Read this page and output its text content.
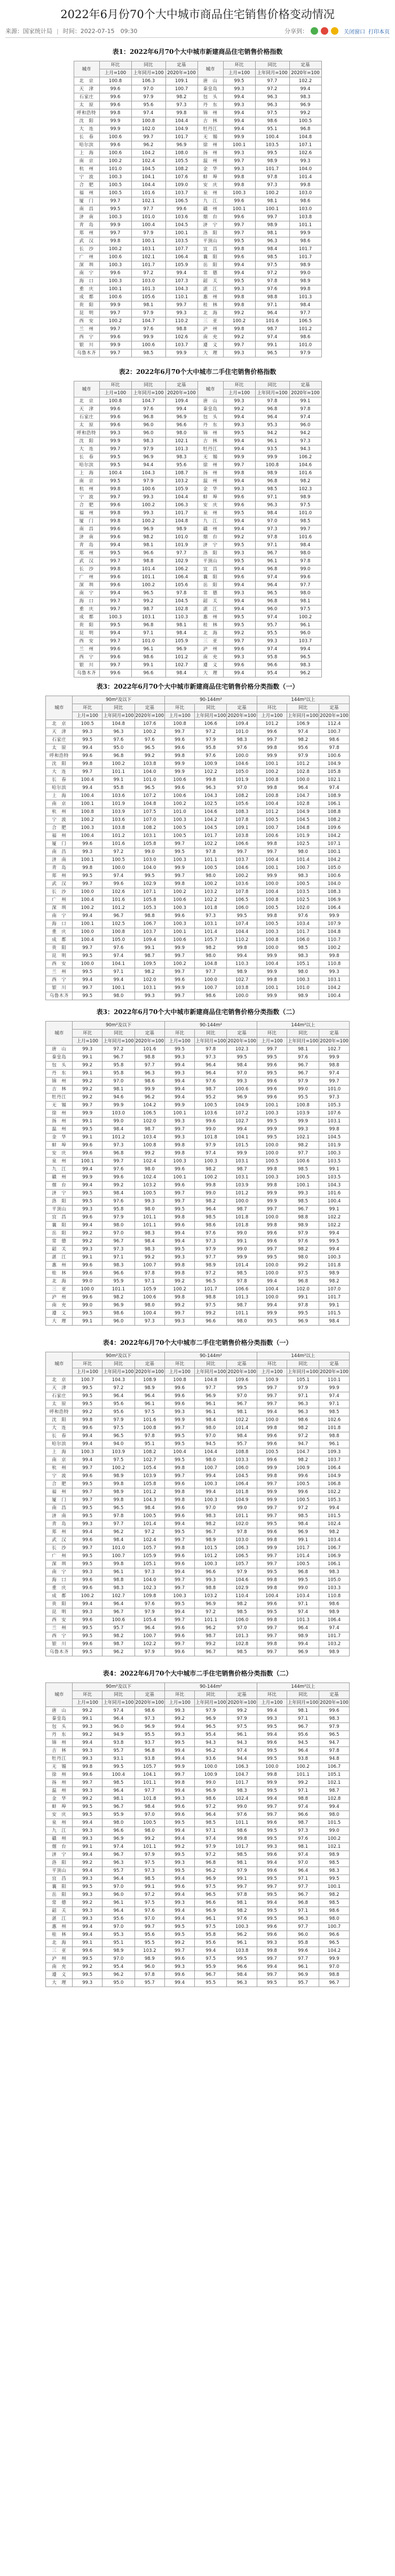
2022年6月份70个大中城市商品住宅销售价格变动情况
来源：国家统计局 | 时间：2022-07-15　09:30	分享到：	关闭窗口 打印本页
表1：2022年6月70个大中城市新建商品住宅销售价格指数
城市	环比	同比	定基	城市	环比	同比	定基
	上月=100	上年同月=100	2020年=100		上月=100	上年同月=100	2020年=100
北　京	100.8	106.3	109.1	唐　山	99.5	97.7	102.2
天　津	99.6	97.0	100.7	秦皇岛	99.3	97.2	99.4
石家庄	99.6	97.9	98.2	包　头	99.4	96.3	98.3
太　原	99.6	95.6	97.3	丹　东	99.3	96.3	96.9
呼和浩特	99.8	97.4	99.8	锦　州	99.4	97.5	99.2
沈　阳	99.9	100.8	104.4	吉　林	99.4	98.6	100.5
大　连	99.9	102.0	104.9	牡丹江	99.4	95.1	96.8
长　春	100.6	99.7	101.7	无　锡	99.9	100.4	104.8
哈尔滨	99.6	96.2	96.9	徐　州	100.1	103.5	107.1
上　海	100.6	104.2	108.0	扬　州	99.3	99.5	102.6
南　京	100.2	102.4	105.5	温　州	99.7	98.9	99.3
杭　州	101.0	104.5	108.2	金　华	99.3	101.7	104.0
宁　波	100.3	104.1	107.6	蚌　埠	99.8	97.8	101.4
合　肥	100.5	104.4	109.0	安　庆	99.8	97.3	99.8
福　州	100.5	101.6	103.7	泉　州	100.3	100.2	103.0
厦　门	99.7	102.1	106.5	九　江	99.6	98.1	98.6
南　昌	99.5	97.7	99.6	赣　州	100.1	100.1	103.0
济　南	100.3	101.0	103.6	烟　台	99.6	99.7	103.8
青　岛	99.9	100.4	104.5	济　宁	99.7	98.9	101.1
郑　州	99.7	97.9	100.1	洛　阳	99.7	98.1	99.9
武　汉	99.8	100.1	103.5	平顶山	99.5	96.3	98.6
长　沙	100.2	103.1	107.7	宜　昌	99.8	98.4	101.7
广　州	100.6	102.1	106.4	襄　阳	99.6	98.5	101.7
深　圳	100.3	101.7	105.9	岳　阳	99.4	97.5	98.9
南　宁	99.6	97.2	99.4	常　德	99.4	97.2	99.0
海　口	100.3	103.0	107.3	韶　关	99.5	97.8	98.9
重　庆	100.1	101.3	104.3	湛　江	99.3	97.6	99.8
成　都	100.6	105.6	110.1	惠　州	99.8	98.8	101.3
贵　阳	99.9	98.1	99.7	桂　林	99.8	97.1	98.4
昆　明	99.7	97.9	99.3	北　海	99.2	96.4	97.7
西　安	100.2	104.7	110.2	三　亚	100.2	101.6	106.5
兰　州	99.7	97.6	98.8	泸　州	99.8	98.7	101.2
西　宁	99.6	99.9	102.6	南　充	99.2	97.4	98.6
银　川	99.9	100.6	103.7	遵　义	99.7	99.1	101.0
乌鲁木齐	99.7	98.5	99.9	大　理	99.3	96.5	97.9
表2：2022年6月70个大中城市二手住宅销售价格指数
城市	环比	同比	定基	城市	环比	同比	定基
	上月=100	上年同月=100	2020年=100		上月=100	上年同月=100	2020年=100
北　京	100.8	104.7	109.4	唐　山	99.3	97.8	99.1
天　津	99.6	97.6	99.4	秦皇岛	99.2	96.8	97.8
石家庄	99.6	96.8	96.9	包　头	99.4	96.4	97.4
太　原	99.6	96.0	96.6	丹　东	99.3	95.3	96.0
呼和浩特	99.3	96.0	98.0	锦　州	99.5	94.2	94.2
沈　阳	99.9	98.3	102.1	吉　林	99.4	96.1	97.3
大　连	99.7	97.9	101.3	牡丹江	99.4	93.5	94.3
长　春	99.5	96.9	98.3	无　锡	99.9	99.9	106.2
哈尔滨	99.5	94.4	95.6	徐　州	99.7	100.8	104.6
上　海	100.4	104.3	108.7	扬　州	99.8	98.9	101.6
南　京	99.5	97.9	103.2	温　州	99.4	96.8	98.2
杭　州	99.8	100.6	105.9	金　华	99.3	98.5	102.3
宁　波	99.7	99.3	104.4	蚌　埠	99.6	97.1	98.9
合　肥	99.6	100.2	106.3	安　庆	99.6	96.3	97.5
福　州	99.8	99.3	101.7	泉　州	99.5	98.4	101.0
厦　门	99.8	100.2	104.8	九　江	99.4	97.0	98.5
南　昌	99.6	96.9	98.9	赣　州	99.4	97.3	99.7
济　南	99.6	98.2	101.0	烟　台	99.2	97.8	101.6
青　岛	99.4	98.1	101.9	济　宁	99.5	97.1	98.4
郑　州	99.5	96.6	97.7	洛　阳	99.3	96.7	98.0
武　汉	99.7	98.8	102.9	平顶山	99.5	96.1	97.8
长　沙	99.8	101.4	106.2	宜　昌	99.4	96.8	99.0
广　州	99.6	101.1	106.4	襄　阳	99.6	97.4	99.6
深　圳	99.6	100.2	105.6	岳　阳	99.4	96.4	97.7
南　宁	99.4	96.5	97.8	常　德	99.3	96.5	98.0
海　口	99.7	99.2	104.5	韶　关	99.4	96.8	98.1
重　庆	99.7	98.7	102.8	湛　江	99.4	96.0	97.5
成　都	100.3	103.1	110.3	惠　州	99.5	97.4	100.2
贵　阳	99.5	96.8	98.1	桂　林	99.5	95.7	96.1
昆　明	99.4	97.1	98.4	北　海	99.2	95.5	96.0
西　安	99.7	101.0	105.9	三　亚	99.7	99.3	103.7
兰　州	99.6	96.1	96.9	泸　州	99.6	97.4	99.4
西　宁	99.6	98.6	101.2	南　充	99.3	95.8	96.5
银　川	99.7	99.1	102.7	遵　义	99.6	96.6	98.3
乌鲁木齐	99.6	96.6	98.4	大　理	99.4	95.4	96.2
表3：2022年6月70个大中城市新建商品住宅销售价格分类指数（一）
城市	90m²及以下			90-144m²			144m²以上		
	环比	同比	定基	环比	同比	定基	环比	同比	定基
	上月=100	上年同月=100	2020年=100	上月=100	上年同月=100	2020年=100	上月=100	上年同月=100	2020年=100
北　京	100.5	104.8	107.6	100.8	106.6	109.4	101.2	106.9	112.4
天　津	99.3	96.3	100.2	99.7	97.2	101.0	99.6	97.4	100.7
石家庄	99.5	97.6	97.6	99.6	97.9	98.3	99.7	98.2	98.6
太　原	99.4	95.0	96.5	99.6	95.8	97.6	99.8	95.6	97.8
呼和浩特	99.6	96.8	99.2	99.8	97.6	100.0	99.9	97.9	100.6
沈　阳	99.8	100.2	103.8	99.9	100.9	104.6	100.1	101.2	104.9
大　连	99.7	101.1	104.0	99.9	102.2	105.0	100.2	102.8	105.8
长　春	100.4	99.1	101.0	100.6	99.8	101.9	100.8	100.0	102.1
哈尔滨	99.4	95.8	96.5	99.6	96.3	97.0	99.8	96.4	97.4
上　海	100.4	103.6	107.2	100.6	104.3	108.2	100.8	104.7	108.9
南　京	100.1	101.9	104.8	100.2	102.5	105.6	100.4	102.8	106.1
杭　州	100.8	103.9	107.5	101.0	104.6	108.3	101.2	104.9	108.8
宁　波	100.2	103.6	107.0	100.3	104.2	107.8	100.5	104.5	108.2
合　肥	100.3	103.8	108.2	100.5	104.5	109.1	100.7	104.8	109.6
福　州	100.4	101.2	103.1	100.5	101.7	103.8	100.6	101.9	104.2
厦　门	99.6	101.6	105.8	99.7	102.2	106.6	99.8	102.5	107.1
南　昌	99.3	97.2	99.0	99.5	97.8	99.7	99.7	98.0	100.1
济　南	100.1	100.5	103.0	100.3	101.1	103.7	100.4	101.4	104.2
青　岛	99.8	100.0	104.0	99.9	100.5	104.6	100.1	100.7	105.0
郑　州	99.5	97.4	99.5	99.7	98.0	100.2	99.9	98.3	100.6
武　汉	99.7	99.6	102.9	99.8	100.2	103.6	100.0	100.5	104.0
长　沙	100.0	102.6	107.1	100.2	103.2	107.8	100.4	103.5	108.3
广　州	100.4	101.6	105.8	100.6	102.2	106.5	100.8	102.5	106.9
深　圳	100.2	101.2	105.3	100.3	101.8	106.0	100.5	102.0	106.4
南　宁	99.4	96.7	98.8	99.6	97.3	99.5	99.8	97.6	99.9
海　口	100.1	102.5	106.7	100.3	103.1	107.4	100.5	103.4	107.9
重　庆	100.0	100.8	103.7	100.1	101.4	104.4	100.3	101.7	104.8
成　都	100.4	105.0	109.4	100.6	105.7	110.2	100.8	106.0	110.7
贵　阳	99.7	97.6	99.1	99.9	98.2	99.8	100.0	98.5	100.2
昆　明	99.5	97.4	98.7	99.7	98.0	99.4	99.9	98.3	99.8
西　安	100.0	104.1	109.5	100.2	104.8	110.3	100.4	105.1	110.8
兰　州	99.5	97.1	98.2	99.7	97.7	98.9	99.9	98.0	99.3
西　宁	99.4	99.4	102.0	99.6	100.0	102.7	99.8	100.3	103.1
银　川	99.7	100.1	103.1	99.9	100.7	103.8	100.1	101.0	104.2
乌鲁木齐	99.5	98.0	99.3	99.7	98.6	100.0	99.9	98.9	100.4
表3：2022年6月70个大中城市新建商品住宅销售价格分类指数（二）
城市	90m²及以下			90-144m²			144m²以上		
	环比	同比	定基	环比	同比	定基	环比	同比	定基
	上月=100	上年同月=100	2020年=100	上月=100	上年同月=100	2020年=100	上月=100	上年同月=100	2020年=100
唐　山	99.3	97.2	101.6	99.5	97.8	102.3	99.7	98.1	102.7
秦皇岛	99.1	96.7	98.8	99.3	97.3	99.5	99.5	97.6	99.9
包　头	99.2	95.8	97.7	99.4	96.4	98.4	99.6	96.7	98.8
丹　东	99.1	95.8	96.3	99.3	96.4	97.0	99.5	96.7	97.4
锦　州	99.2	97.0	98.6	99.4	97.6	99.3	99.6	97.9	99.7
吉　林	99.2	98.1	99.9	99.4	98.7	100.6	99.6	99.0	101.0
牡丹江	99.2	94.6	96.2	99.4	95.2	96.9	99.6	95.5	97.3
无　锡	99.7	99.9	104.2	99.9	100.5	104.9	100.1	100.8	105.3
徐　州	99.9	103.0	106.5	100.1	103.6	107.2	100.3	103.9	107.6
扬　州	99.1	99.0	102.0	99.3	99.6	102.7	99.5	99.9	103.1
温　州	99.5	98.4	98.7	99.7	99.0	99.4	99.9	99.3	99.8
金　华	99.1	101.2	103.4	99.3	101.8	104.1	99.5	102.1	104.5
蚌　埠	99.6	97.3	100.8	99.8	97.9	101.5	100.0	98.2	101.9
安　庆	99.6	96.8	99.2	99.8	97.4	99.9	100.0	97.7	100.3
泉　州	100.1	99.7	102.4	100.3	100.3	103.1	100.5	100.6	103.5
九　江	99.4	97.6	98.0	99.6	98.2	98.7	99.8	98.5	99.1
赣　州	99.9	99.6	102.4	100.1	100.2	103.1	100.3	100.5	103.5
烟　台	99.4	99.2	103.2	99.6	99.8	103.9	99.8	100.1	104.3
济　宁	99.5	98.4	100.5	99.7	99.0	101.2	99.9	99.3	101.6
洛　阳	99.5	97.6	99.3	99.7	98.2	100.0	99.9	98.5	100.4
平顶山	99.3	95.8	98.0	99.5	96.4	98.7	99.7	96.7	99.1
宜　昌	99.6	97.9	101.1	99.8	98.5	101.8	100.0	98.8	102.2
襄　阳	99.4	98.0	101.1	99.6	98.6	101.8	99.8	98.9	102.2
岳　阳	99.2	97.0	98.3	99.4	97.6	99.0	99.6	97.9	99.4
常　德	99.2	96.7	98.4	99.4	97.3	99.1	99.6	97.6	99.5
韶　关	99.3	97.3	98.3	99.5	97.9	99.0	99.7	98.2	99.4
湛　江	99.1	97.1	99.2	99.3	97.7	99.9	99.5	98.0	100.3
惠　州	99.6	98.3	100.7	99.8	98.9	101.4	100.0	99.2	101.8
桂　林	99.6	96.6	97.8	99.8	97.2	98.5	100.0	97.5	98.9
北　海	99.0	95.9	97.1	99.2	96.5	97.8	99.4	96.8	98.2
三　亚	100.0	101.1	105.9	100.2	101.7	106.6	100.4	102.0	107.0
泸　州	99.6	98.2	100.6	99.8	98.8	101.3	100.0	99.1	101.7
南　充	99.0	96.9	98.0	99.2	97.5	98.7	99.4	97.8	99.1
遵　义	99.5	98.6	100.4	99.7	99.2	101.1	99.9	99.5	101.5
大　理	99.1	96.0	97.3	99.3	96.6	98.0	99.5	96.9	98.4
表4：2022年6月70个大中城市二手住宅销售价格分类指数（一）
城市	90m²及以下			90-144m²			144m²以上		
	环比	同比	定基	环比	同比	定基	环比	同比	定基
	上月=100	上年同月=100	2020年=100	上月=100	上年同月=100	2020年=100	上月=100	上年同月=100	2020年=100
北　京	100.7	104.3	108.9	100.8	104.8	109.6	100.9	105.1	110.1
天　津	99.5	97.2	98.9	99.6	97.7	99.5	99.7	97.9	99.9
石家庄	99.5	96.4	96.4	99.6	96.9	97.0	99.7	97.1	97.4
太　原	99.5	95.6	96.1	99.6	96.1	96.7	99.7	96.3	97.1
呼和浩特	99.2	95.6	97.5	99.3	96.1	98.1	99.4	96.3	98.5
沈　阳	99.8	97.9	101.6	99.9	98.4	102.2	100.0	98.6	102.6
大　连	99.6	97.5	100.8	99.7	98.0	101.4	99.8	98.2	101.8
长　春	99.4	96.5	97.8	99.5	97.0	98.4	99.6	97.2	98.8
哈尔滨	99.4	94.0	95.1	99.5	94.5	95.7	99.6	94.7	96.1
上　海	100.3	103.9	108.2	100.4	104.4	108.8	100.5	104.7	109.3
南　京	99.4	97.5	102.7	99.5	98.0	103.3	99.6	98.2	103.7
杭　州	99.7	100.2	105.4	99.8	100.7	106.0	99.9	100.9	106.4
宁　波	99.6	98.9	103.9	99.7	99.4	104.5	99.8	99.6	104.9
合　肥	99.5	99.8	105.8	99.6	100.3	106.4	99.7	100.5	106.8
福　州	99.7	98.9	101.2	99.8	99.4	101.8	99.9	99.6	102.2
厦　门	99.7	99.8	104.3	99.8	100.3	104.9	99.9	100.5	105.3
南　昌	99.5	96.5	98.4	99.6	97.0	99.0	99.7	97.2	99.4
济　南	99.5	97.8	100.5	99.6	98.3	101.1	99.7	98.5	101.5
青　岛	99.3	97.7	101.4	99.4	98.2	102.0	99.5	98.4	102.4
郑　州	99.4	96.2	97.2	99.5	96.7	97.8	99.6	96.9	98.2
武　汉	99.6	98.4	102.4	99.7	98.9	103.0	99.8	99.1	103.4
长　沙	99.7	101.0	105.7	99.8	101.5	106.3	99.9	101.7	106.7
广　州	99.5	100.7	105.9	99.6	101.2	106.5	99.7	101.4	106.9
深　圳	99.5	99.8	105.1	99.6	100.3	105.7	99.7	100.5	106.1
南　宁	99.3	96.1	97.3	99.4	96.6	97.9	99.5	96.8	98.3
海　口	99.6	98.8	104.0	99.7	99.3	104.6	99.8	99.5	105.0
重　庆	99.6	98.3	102.3	99.7	98.8	102.9	99.8	99.0	103.3
成　都	100.2	102.7	109.8	100.3	103.2	110.4	100.4	103.4	110.8
贵　阳	99.4	96.4	97.6	99.5	96.9	98.2	99.6	97.1	98.6
昆　明	99.3	96.7	97.9	99.4	97.2	98.5	99.5	97.4	98.9
西　安	99.6	100.6	105.4	99.7	101.1	106.0	99.8	101.3	106.4
兰　州	99.5	95.7	96.4	99.6	96.2	97.0	99.7	96.4	97.4
西　宁	99.5	98.2	100.7	99.6	98.7	101.3	99.7	98.9	101.7
银　川	99.6	98.7	102.2	99.7	99.2	102.8	99.8	99.4	103.2
乌鲁木齐	99.5	96.2	97.9	99.6	96.7	98.5	99.7	96.9	98.9
表4：2022年6月70个大中城市二手住宅销售价格分类指数（二）
城市	90m²及以下			90-144m²			144m²以上		
	环比	同比	定基	环比	同比	定基	环比	同比	定基
	上月=100	上年同月=100	2020年=100	上月=100	上年同月=100	2020年=100	上月=100	上年同月=100	2020年=100
唐　山	99.2	97.4	98.6	99.3	97.9	99.2	99.4	98.1	99.6
秦皇岛	99.1	96.4	97.3	99.2	96.9	97.9	99.3	97.1	98.3
包　头	99.3	96.0	96.9	99.4	96.5	97.5	99.5	96.7	97.9
丹　东	99.2	94.9	95.5	99.3	95.4	96.1	99.4	95.6	96.5
锦　州	99.4	93.8	93.7	99.5	94.3	94.3	99.6	94.5	94.7
吉　林	99.3	95.7	96.8	99.4	96.2	97.4	99.5	96.4	97.8
牡丹江	99.3	93.1	93.8	99.4	93.6	94.4	99.5	93.8	94.8
无　锡	99.8	99.5	105.7	99.9	100.0	106.3	100.0	100.2	106.7
徐　州	99.6	100.4	104.1	99.7	100.9	104.7	99.8	101.1	105.1
扬　州	99.7	98.5	101.1	99.8	99.0	101.7	99.9	99.2	102.1
温　州	99.3	96.4	97.7	99.4	96.9	98.3	99.5	97.1	98.7
金　华	99.2	98.1	101.8	99.3	98.6	102.4	99.4	98.8	102.8
蚌　埠	99.5	96.7	98.4	99.6	97.2	99.0	99.7	97.4	99.4
安　庆	99.5	95.9	97.0	99.6	96.4	97.6	99.7	96.6	98.0
泉　州	99.4	98.0	100.5	99.5	98.5	101.1	99.6	98.7	101.5
九　江	99.3	96.6	98.0	99.4	97.1	98.6	99.5	97.3	99.0
赣　州	99.3	96.9	99.2	99.4	97.4	99.8	99.5	97.6	100.2
烟　台	99.1	97.4	101.1	99.2	97.9	101.7	99.3	98.1	102.1
济　宁	99.4	96.7	97.9	99.5	97.2	98.5	99.6	97.4	98.9
洛　阳	99.2	96.3	97.5	99.3	96.8	98.1	99.4	97.0	98.5
平顶山	99.4	95.7	97.3	99.5	96.2	97.9	99.6	96.4	98.3
宜　昌	99.3	96.4	98.5	99.4	96.9	99.1	99.5	97.1	99.5
襄　阳	99.5	97.0	99.1	99.6	97.5	99.7	99.7	97.7	100.1
岳　阳	99.3	96.0	97.2	99.4	96.5	97.8	99.5	96.7	98.2
常　德	99.2	96.1	97.5	99.3	96.6	98.1	99.4	96.8	98.5
韶　关	99.3	96.4	97.6	99.4	96.9	98.2	99.5	97.1	98.6
湛　江	99.3	95.6	97.0	99.4	96.1	97.6	99.5	96.3	98.0
惠　州	99.4	97.0	99.7	99.5	97.5	100.3	99.6	97.7	100.7
桂　林	99.4	95.3	95.6	99.5	95.8	96.2	99.6	96.0	96.6
北　海	99.1	95.1	95.5	99.2	95.6	96.1	99.3	95.8	96.5
三　亚	99.6	98.9	103.2	99.7	99.4	103.8	99.8	99.6	104.2
泸　州	99.5	97.0	98.9	99.6	97.5	99.5	99.7	97.7	99.9
南　充	99.2	95.4	96.0	99.3	95.9	96.6	99.4	96.1	97.0
遵　义	99.5	96.2	97.8	99.6	96.7	98.4	99.7	96.9	98.8
大　理	99.3	95.0	95.7	99.4	95.5	96.3	99.5	95.7	96.7
